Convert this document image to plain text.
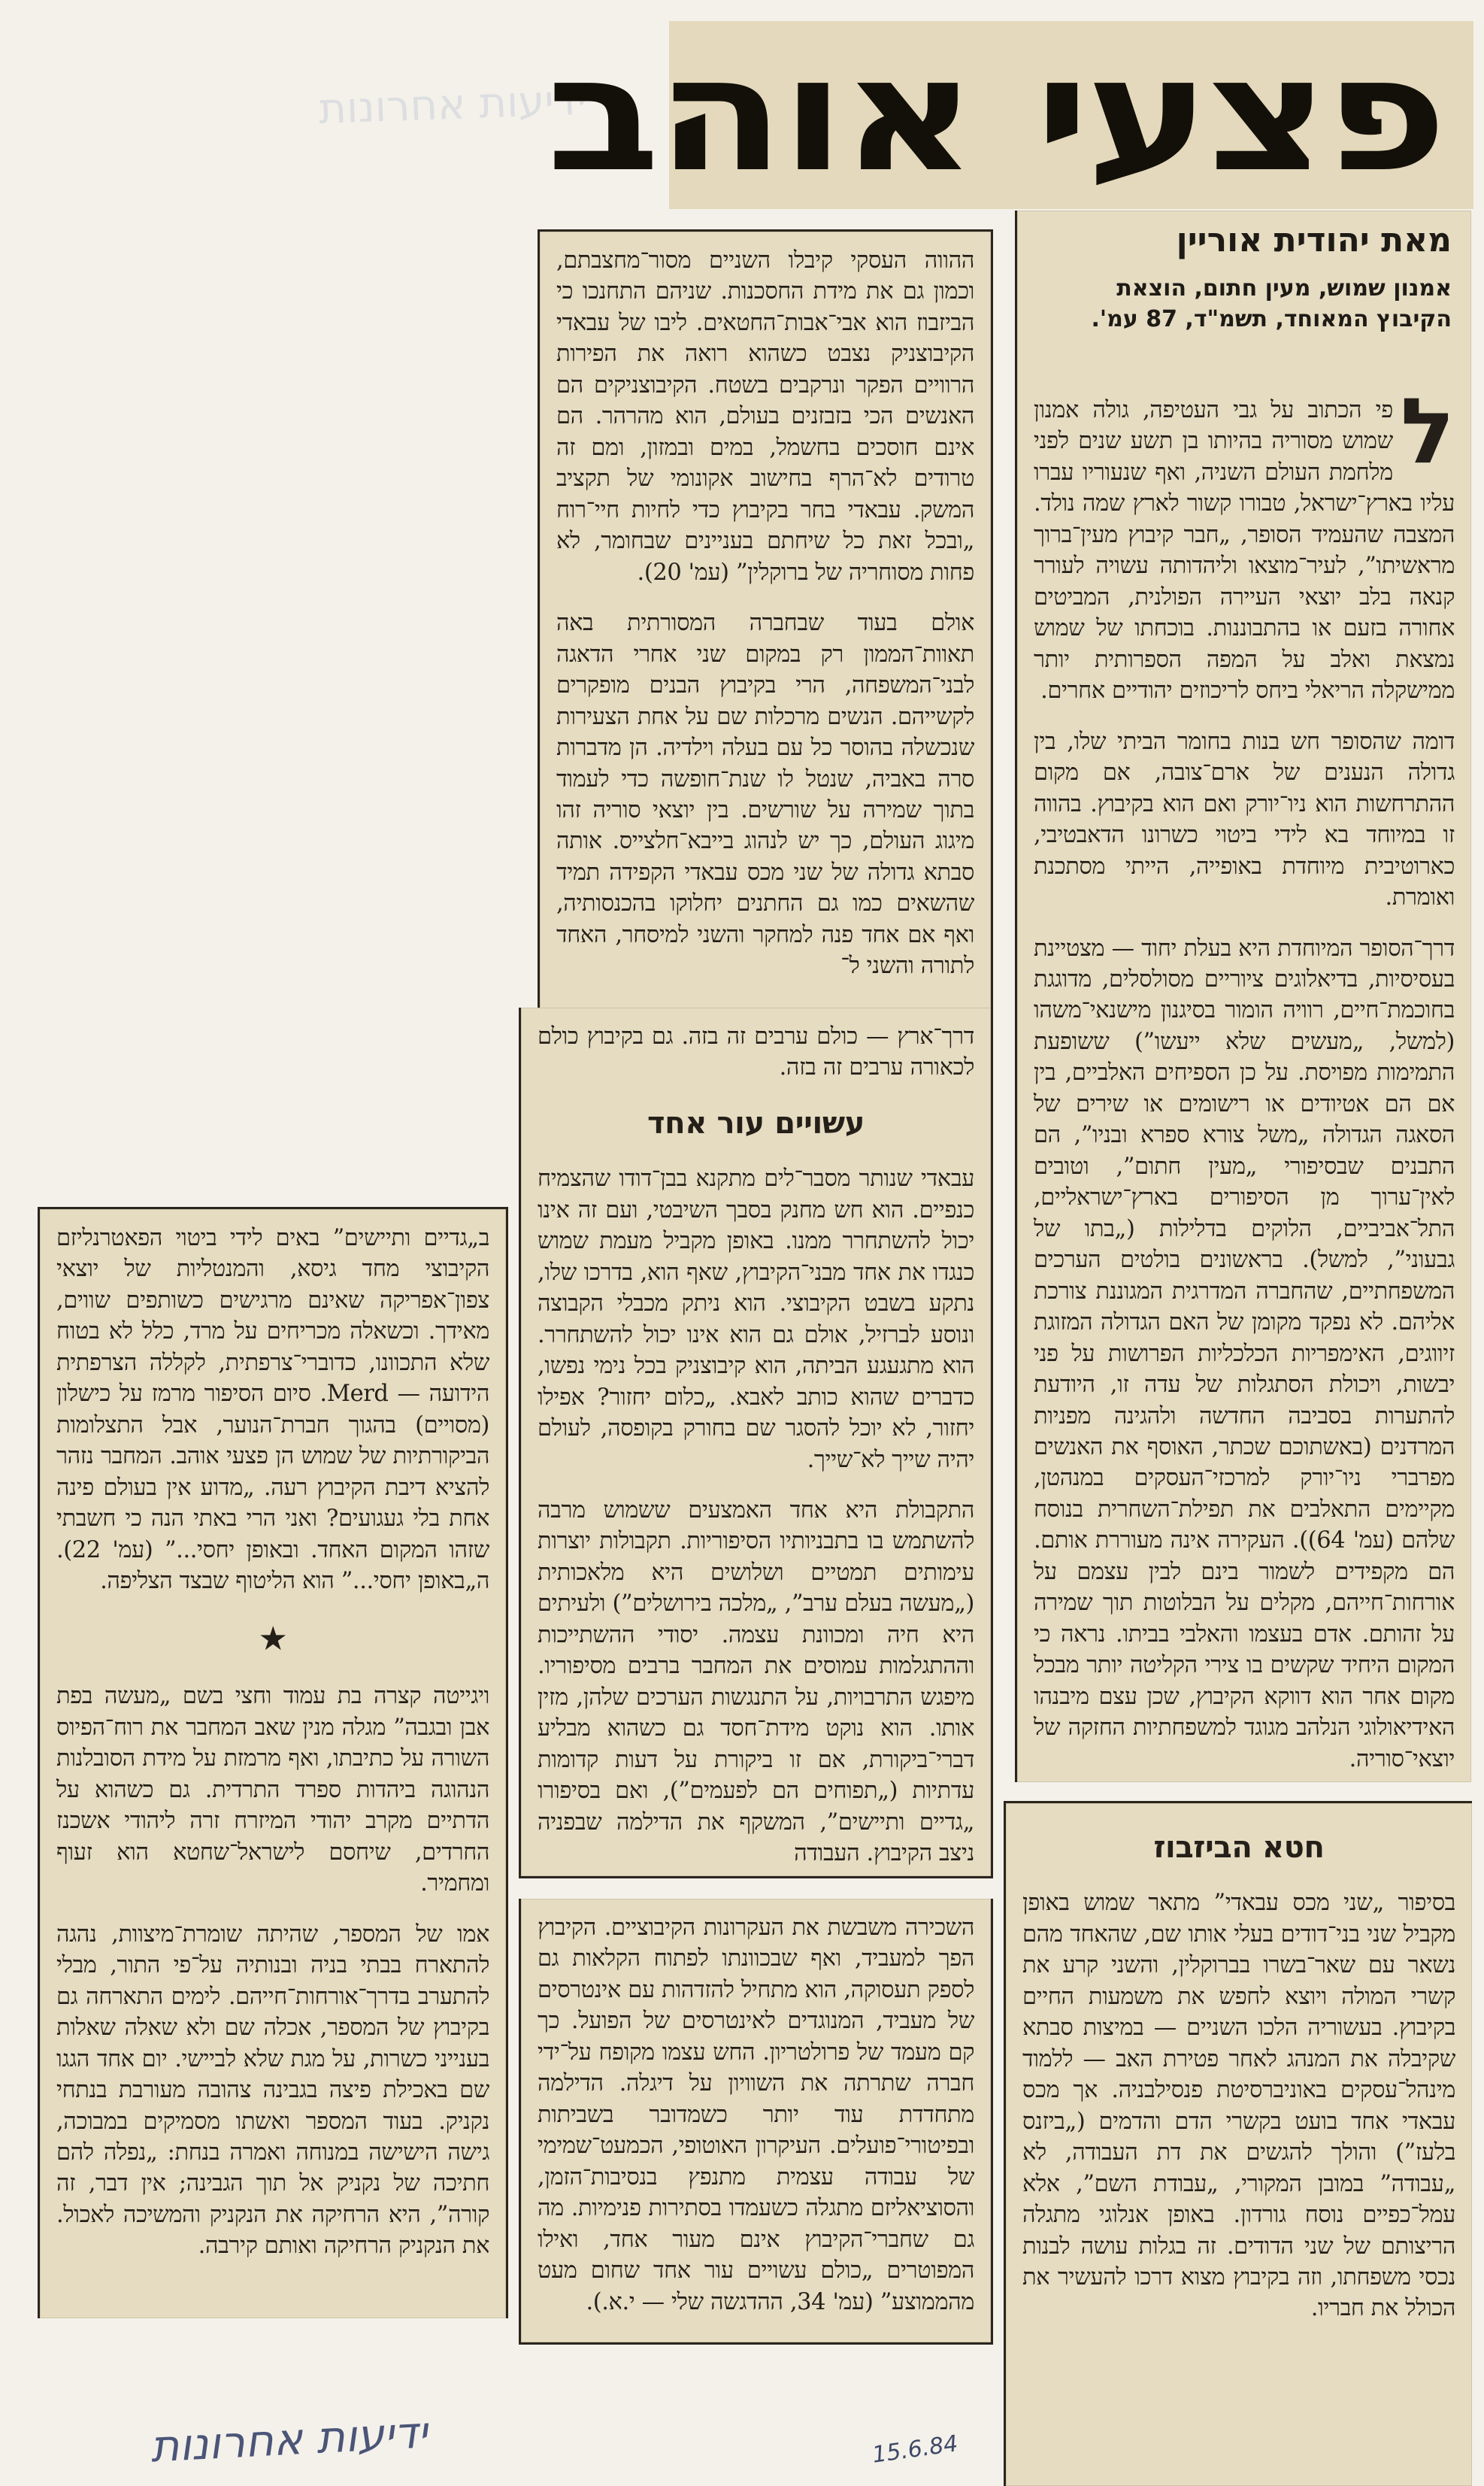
ידיעות אחרונות
פצעי אוהב
מאת יהודית אוריין
אמנון שמוש, מעין חתום, הוצאת הקיבוץ המאוחד, תשמ"ד, 87 עמ'.

ל
פי הכתוב על גבי העטיפה, גולה אמנון שמוש מסוריה בהיותו בן תשע שנים לפני מלחמת העולם השניה, ואף שנעוריו עברו עליו בארץ־ישראל, טבורו קשור לארץ שמה נולד. המצבה שהעמיד הסופר, „חבר קיבוץ מעין־ברוך מראשיתו”, לעיר־מוצאו וליהדותה עשויה לעורר קנאה בלב יוצאי העיירה הפולנית, המביטים אחורה בזעם או בהתבוננות. בוכחתו של שמוש נמצאת ואלב על המפה הספרותית יותר ממישקלה הריאלי ביחס לריכוזים יהודיים אחרים.

דומה שהסופר חש בנות בחומר הביתי שלו, בין גדולה הנענים של ארם־צובה, אם מקום ההתרחשות הוא ניו־יורק ואם הוא בקיבוץ. בהווה זו במיוחד בא לידי ביטוי כשרונו הדאבטיבי, כארוטיבית מיוחדת באופייה, הייתי מסתכנת ואומרת.

דרך־הסופר המיוחדת היא בעלת יחוד — מצטיינת בעסיסיות, בדיאלוגים ציוריים מסולסלים, מדוגגת בחוכמת־חיים, רוויה הומור בסיגנון מישנאי־משהו (למשל, „מעשים שלא ייעשו”) ששופעת התמימות מפויסת. על כן הספיחים האלביים, בין אם הם אטיודים או רישומים או שירים של הסאגה הגדולה „משל צורא ספרא ובניו”, הם התבנים שבסיפורי „מעין חתום”, וטובים לאין־ערוך מן הסיפורים בארץ־ישראליים, התל־אביביים, הלוקים בדלילות („בתו של גבעוני”, למשל). בראשונים בולטים הערכים המשפחתיים, שהחברה המדרגית המגוננת צורכת אליהם. לא נפקד מקומן של האם הגדולה המזוגת זיווגים, האימפריות הכלכליות הפרושות על פני יבשות, ויכולת הסתגלות של עדה זו, היודעת להתערות בסביבה החדשה ולהגינה מפניות המרדנים (באשתוכם שכתר, האוסף את האנשים מפרברי ניו־יורק למרכזי־העסקים במנהטן, מקיימים התאלבים את תפילת־השחרית בנוסח שלהם (עמ' 64)). העקירה אינה מעוררת אותם. הם מקפידים לשמור בינם לבין עצמם על אורחות־חייהם, מקלים על הבלוטות תוך שמירה על זהותם. אדם בעצמו והאלבי בביתו. נראה כי המקום היחיד שקשים בו צירי הקליטה יותר מבכל מקום אחר הוא דווקא הקיבוץ, שכן עצם מיבנהו האידיאולוגי הנלהב מגוגד למשפחתיות החזקה של יוצאי־סוריה.

חטא הביזבוז

בסיפור „שני מכס עבאדי” מתאר שמוש באופן מקביל שני בני־דודים בעלי אותו שם, שהאחד מהם נשאר עם שאר־בשרו בברוקלין, והשני קרע את קשרי המולה ויוצא לחפש את משמעות החיים בקיבוץ. בעשוריה הלכו השניים — במיצות סבתא שקיבלה את המנהג לאחר פטירת האב — ללמוד מינהל־עסקים באוניברסיטת פנסילבניה. אך מכס עבאדי אחד בועט בקשרי הדם והדמים („ביזנס בלעז”) והולך להגשים את דת העבודה, לא „עבודה” במובן המקורי, „עבודת השם”, אלא עמל־כפיים נוסח גורדון. באופן אנלוגי מתגלה הריצותם של שני הדודים. זה בגלות עושה לבנות נכסי משפחתו, וזה בקיבוץ מצוא דרכו להעשיר את הכולל את חבריו.

ההווה העסקי קיבלו השניים מסור־מחצבתם, וכמון גם את מידת החסכנות. שניהם התחנכו כי הביזבוז הוא אבי־אבות־החטאים. ליבו של עבאדי הקיבוצניק נצבט כשהוא רואה את הפירות הרוויים הפקר ונרקבים בשטח. הקיבוצניקים הם האנשים הכי בזבזנים בעולם, הוא מהרהר. הם אינם חוסכים בחשמל, במים ובמזון, ומם זה טרודים לא־הרף בחישוב אקונומי של תקציב המשק. עבאדי בחר בקיבוץ כדי לחיות חיי־רוח „ובכל זאת כל שיחתם בעניינים שבחומר, לא פחות מסוחריה של ברוקלין” (עמ' 20).

אולם בעוד שבחברה המסורתית באה תאוות־הממון רק במקום שני אחרי הדאגה לבני־המשפחה, הרי בקיבוץ הבנים מופקרים לקשייהם. הנשים מרכלות שם על אחת הצעירות שנכשלה בהוסר כל עם בעלה וילדיה. הן מדברות סרה באביה, שנטל לו שנת־חופשה כדי לעמוד בתוך שמירה על שורשים. בין יוצאי סוריה זהו מיגוג העולם, כך יש לנהוג בייבא־חלצייס. אותה סבתא גדולה של שני מכס עבאדי הקפידה תמיד שהשאים כמו גם החתנים יחלוקו בהכנסותיה, ואף אם אחד פנה למחקר והשני למיסחר, האחד לתורה והשני ל־

דרך־ארץ — כולם ערבים זה בזה. גם בקיבוץ כולם לכאורה ערבים זה בזה.

עשויים עור אחד

עבאדי שנותר מסבר־לים מתקנא בבן־דודו שהצמיח כנפיים. הוא חש מחנק בסבך השיבטי, ועם זה אינו יכול להשתחרר ממנו. באופן מקביל מעמת שמוש כנגדו את אחד מבני־הקיבוץ, שאף הוא, בדרכו שלו, נתקע בשבט הקיבוצי. הוא ניתק מכבלי הקבוצה ונוסע לברזיל, אולם גם הוא אינו יכול להשתחרר. הוא מתגעגע הביתה, הוא קיבוצניק בכל נימי נפשו, כדברים שהוא כותב לאבא. „כלום יחזור? אפילו יחזור, לא יוכל להסגר שם בחורק בקופסה, לעולם יהיה שייך לא־שייך.

התקבולת היא אחד האמצעים ששמוש מרבה להשתמש בו בתבניותיו הסיפוריות. תקבולות יוצרות עימותים תמטיים ושלושים היא מלאכותית („מעשה בעלם ערב”, „מלכה בירושלים”) ולעיתים היא חיה ומכוונת עצמה. יסודי ההשתייכות וההתגלמות עמוסים את המחבר ברבים מסיפוריו. מיפגש התרבויות, על התנגשות הערכים שלהן, מזין אותו. הוא נוקט מידת־חסד גם כשהוא מבליע דברי־ביקורת, אם זו ביקורת על דעות קדומות עדתיות („תפוחים הם לפעמים”), ואם בסיפורו „גדיים ותיישים”, המשקף את הדילמה שבפניה ניצב הקיבוץ. העבודה

השכירה משבשת את העקרונות הקיבוציים. הקיבוץ הפך למעביד, ואף שבכוונתו לפתוח הקלאות גם לספק תעסוקה, הוא מתחיל להזדהות עם אינטרסים של מעביד, המנוגדים לאינטרסים של הפועל. כך קם מעמד של פרולטריון. החש עצמו מקופח על־ידי חברה שתרתה את השוויון על דיגלה. הדילמה מתחדדת עוד יותר כשמדובר בשביתות ובפיטורי־פועלים. העיקרון האוטופי, הכמעט־שמימי של עבודה עצמית מתנפץ בנסיבות־הזמן, והסוציאליזם מתגלה כשעמדו בסתירות פנימיות. מה גם שחברי־הקיבוץ אינם מעור אחד, ואילו המפוטרים „כולם עשויים עור אחד שחום מעט מהממוצע” (עמ' 34, ההדגשה שלי — י.א.).

ב„גדיים ותיישים” באים לידי ביטוי הפאטרנליזם הקיבוצי מחד גיסא, והמנטליות של יוצאי צפון־אפריקה שאינם מרגישים כשותפים שווים, מאידך. וכשאלה מכריחים על מרד, כלל לא בטוח שלא התכוונו, כדוברי־צרפתית, לקללה הצרפתית הידועה — Merd. סיום הסיפור מרמז על כישלון (מסויים) בהגוך חברת־הנוער, אבל התצלומות הביקורתיות של שמוש הן פצעי אוהב. המחבר נזהר להציא דיבת הקיבוץ רעה. „מדוע אין בעולם פינה אחת בלי געגועים? ואני הרי באתי הנה כי חשבתי שזהו המקום האחד. ובאופן יחסי...” (עמ' 22). ה„באופן יחסי...” הוא הליטוף שבצד הצליפה.

★

ויגייטה קצרה בת עמוד וחצי בשם „מעשה בפת אבן ובגבה” מגלה מנין שאב המחבר את רוח־הפיוס השורה על כתיבתו, ואף מרמזת על מידת הסובלנות הנהוגה ביהדות ספרד התרדית. גם כשהוא על הדתיים מקרב יהודי המיזרח זרה ליהודי אשכנז החרדים, שיחסם לישראל־שחטא הוא זעוף ומחמיר.

אמו של המספר, שהיתה שומרת־מיצוות, נהגה להתארח בבתי בניה ובנותיה על־פי התור, מבלי להתערב בדרך־אורחות־חייהם. לימים התארחה גם בקיבוץ של המספר, אכלה שם ולא שאלה שאלות בענייני כשרות, על מגת שלא לביישי. יום אחד הגגו שם באכילת פיצה בגבינה צהובה מעורבת בנתחי נקניק. בעוד המספר ואשתו מסמיקים במבוכה, גישה הישישה במנוחה ואמרה בנחת: „נפלה להם חתיכה של נקניק אל תוך הגבינה; אין דבר, זה קורה”, היא הרחיקה את הנקניק והמשיכה לאכול. את הנקניק הרחיקה ואותם קירבה.

ידיעות אחרונות	15.6.84
